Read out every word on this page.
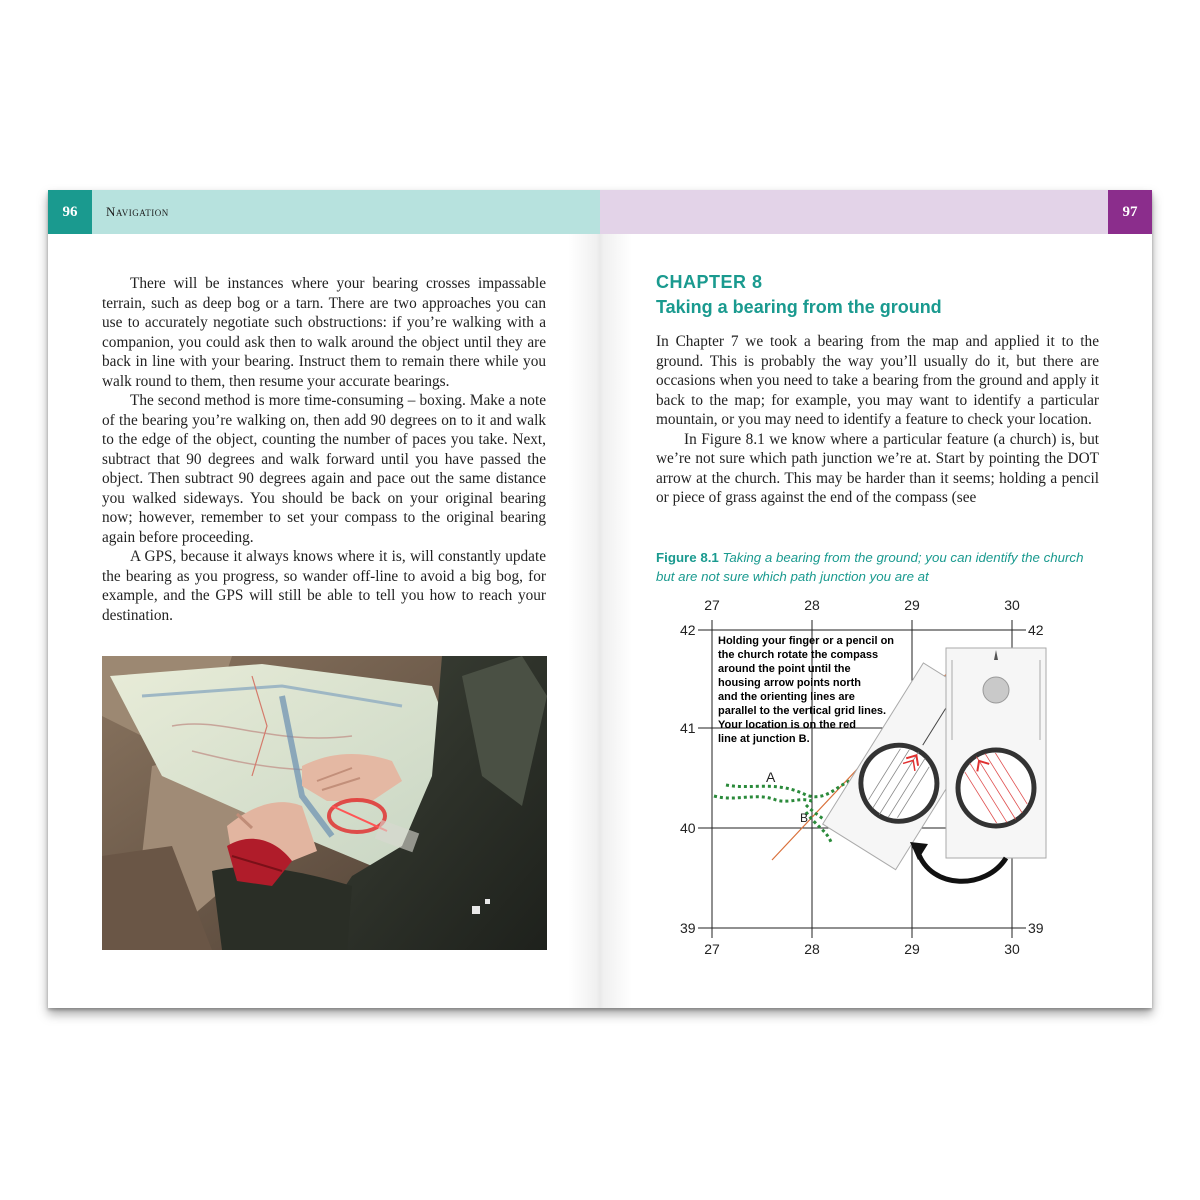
96	Navigation

There will be instances where your bearing crosses impassable terrain, such as deep bog or a tarn. There are two approaches you can use to accurately negotiate such obstructions: if you’re walking with a companion, you could ask then to walk around the object until they are back in line with your bearing. Instruct them to remain there while you walk round to them, then resume your accurate bearings.

The second method is more time-consuming – boxing. Make a note of the bearing you’re walking on, then add 90 degrees on to it and walk to the edge of the object, counting the number of paces you take. Next, subtract that 90 degrees and walk forward until you have passed the object. Then subtract 90 degrees again and pace out the same distance you walked sideways. You should be back on your original bearing now; however, remember to set your compass to the original bearing again before proceeding.

A GPS, because it always knows where it is, will constantly update the bearing as you progress, so wander off-line to avoid a big bog, for example, and the GPS will still be able to tell you how to reach your destination.

97
CHAPTER 8
Taking a bearing from the ground

In Chapter 7 we took a bearing from the map and applied it to the ground. This is probably the way you’ll usually do it, but there are occasions when you need to take a bearing from the ground and apply it back to the map; for example, you may want to identify a particular mountain, or you may need to identify a feature to check your location.

In Figure 8.1 we know where a particular feature (a church) is, but we’re not sure which path junction we’re at. Start by pointing the DOT arrow at the church. This may be harder than it seems; holding a pencil or piece of grass against the end of the compass (see

Figure 8.1 Taking a bearing from the ground; you can identify the church but are not sure which path junction you are at
27	28	29	30
27	28	29	30
42
41
40
39
42
39
Holding your finger or a pencil on
the church rotate the compass
around the point until the
housing arrow points north
and the orienting lines are
parallel to the vertical grid lines.
Your location is on the red
line at junction B.
A
B
